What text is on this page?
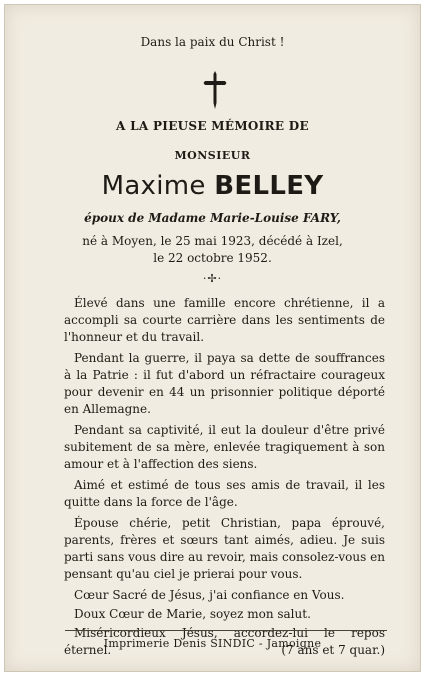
Dans la paix du Christ !
A LA PIEUSE MÉMOIRE DE
MONSIEUR
Maxime BELLEY
époux de Madame Marie-Louise FARY,
né à Moyen, le 25 mai 1923, décédé à Izel,
le 22 octobre 1952.
·✢·

Élevé dans une famille encore chrétienne, il a accompli sa courte carrière dans les sentiments de l'honneur et du travail.

Pendant la guerre, il paya sa dette de souffrances à la Patrie : il fut d'abord un réfractaire courageux pour devenir en 44 un prisonnier politique déporté en Allemagne.

Pendant sa captivité, il eut la douleur d'être privé subitement de sa mère, enlevée tragiquement à son amour et à l'affection des siens.

Aimé et estimé de tous ses amis de travail, il les quitte dans la force de l'âge.

Épouse chérie, petit Christian, papa éprouvé, parents, frères et sœurs tant aimés, adieu. Je suis parti sans vous dire au revoir, mais consolez-vous en pensant qu'au ciel je prierai pour vous.

Cœur Sacré de Jésus, j'ai confiance en Vous.

Doux Cœur de Marie, soyez mon salut.

Miséricordieux Jésus, accordez-lui le repos éternel.	(7 ans et 7 quar.)

Imprimerie Denis SINDIC - Jamoigne
